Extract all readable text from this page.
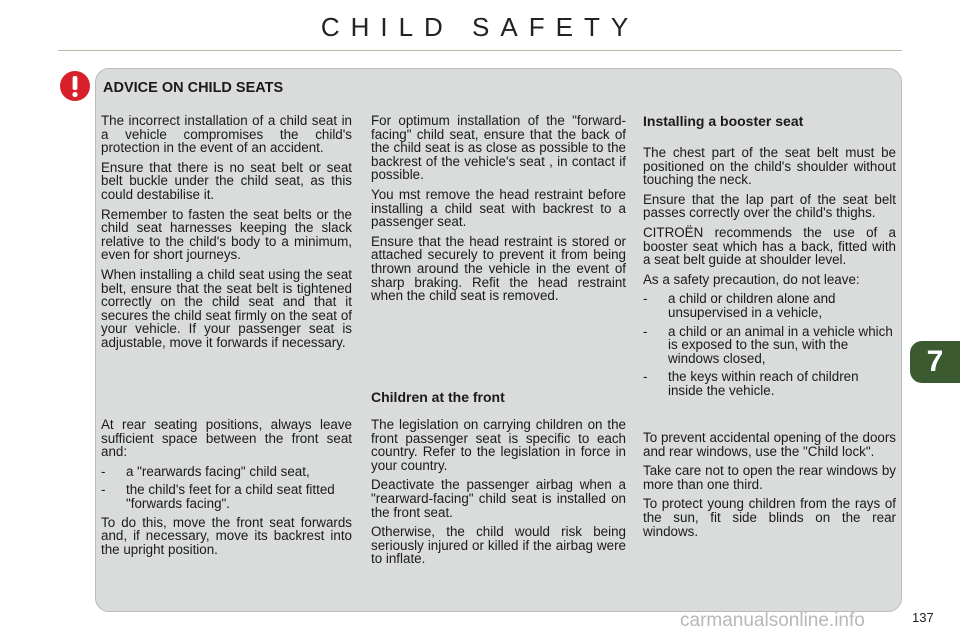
CHILD SAFETY
ADVICE ON CHILD SEATS

The incorrect installation of a child seat in a vehicle compromises the child's protection in the event of an accident.

Ensure that there is no seat belt or seat belt buckle under the child seat, as this could destabilise it.

Remember to fasten the seat belts or the child seat harnesses keeping the slack relative to the child's body to a minimum, even for short journeys.

When installing a child seat using the seat belt, ensure that the seat belt is tightened correctly on the child seat and that it secures the child seat firmly on the seat of your vehicle. If your passenger seat is adjustable, move it forwards if necessary.

At rear seating positions, always leave sufficient space between the front seat and:

-	a "rearwards facing" child seat,
-	the child's feet for a child seat fitted "forwards facing".

To do this, move the front seat forwards and, if necessary, move its backrest into the upright position.

For optimum installation of the "forward-facing" child seat, ensure that the back of the child seat is as close as possible to the backrest of the vehicle's seat , in contact if possible.

You mst remove the head restraint before installing a child seat with backrest to a passenger seat.

Ensure that the head restraint is stored or attached securely to prevent it from being thrown around the vehicle in the event of sharp braking. Refit the head restraint when the child seat is removed.

Children at the front

The legislation on carrying children on the front passenger seat is specific to each country. Refer to the legislation in force in your country.

Deactivate the passenger airbag when a "rearward-facing" child seat is installed on the front seat.

Otherwise, the child would risk being seriously injured or killed if the airbag were to inflate.

Installing a booster seat

The chest part of the seat belt must be positioned on the child's shoulder without touching the neck.

Ensure that the lap part of the seat belt passes correctly over the child's thighs.

CITROËN recommends the use of a booster seat which has a back, fitted with a seat belt guide at shoulder level.

As a safety precaution, do not leave:

-	a child or children alone and unsupervised in a vehicle,
-	a child or an animal in a vehicle which is exposed to the sun, with the windows closed,
-	the keys within reach of children inside the vehicle.

To prevent accidental opening of the doors and rear windows, use the "Child lock".

Take care not to open the rear windows by more than one third.

To protect young children from the rays of the sun, fit side blinds on the rear windows.

7
carmanualsonline.info	137
